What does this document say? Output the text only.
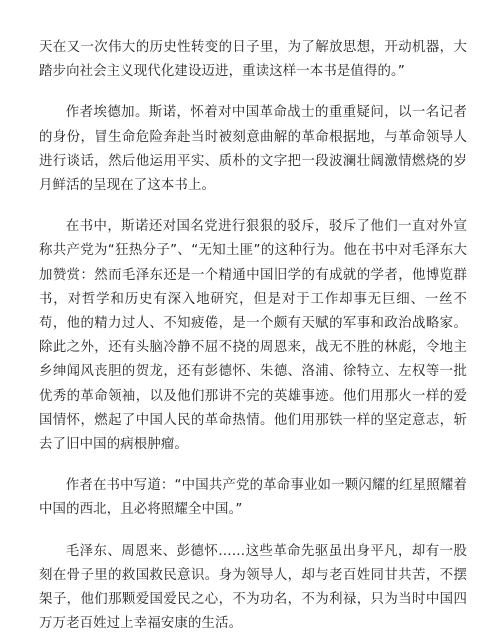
天在又一次伟大的历史性转变的日子里，为了解放思想，开动机器，大踏步向社会主义现代化建设迈进，重读这样一本书是值得的。”

作者埃德加。斯诺，怀着对中国革命战士的重重疑问，以一名记者的身份，冒生命危险奔赴当时被刻意曲解的革命根据地，与革命领导人进行谈话，然后他运用平实、质朴的文字把一段波澜壮阔激情燃烧的岁月鲜活的呈现在了这本书上。

在书中，斯诺还对国名党进行狠狠的驳斥，驳斥了他们一直对外宣称共产党为“狂热分子”、“无知土匪”的这种行为。他在书中对毛泽东大加赞赏：然而毛泽东还是一个精通中国旧学的有成就的学者，他博览群书，对哲学和历史有深入地研究，但是对于工作却事无巨细、一丝不苟，他的精力过人、不知疲倦，是一个颇有天赋的军事和政治战略家。除此之外，还有头脑冷静不屈不挠的周恩来，战无不胜的林彪，令地主乡绅闻风丧胆的贺龙，还有彭德怀、朱德、洛浦、徐特立、左权等一批优秀的革命领袖，以及他们那讲不完的英雄事迹。他们用那火一样的爱国情怀，燃起了中国人民的革命热情。他们用那铁一样的坚定意志，斩去了旧中国的病根肿瘤。

作者在书中写道：“中国共产党的革命事业如一颗闪耀的红星照耀着中国的西北，且必将照耀全中国。”

毛泽东、周恩来、彭德怀……这些革命先驱虽出身平凡，却有一股刻在骨子里的救国救民意识。身为领导人，却与老百姓同甘共苦，不摆架子，他们那颗爱国爱民之心，不为功名，不为利禄，只为当时中国四万万老百姓过上幸福安康的生活。
